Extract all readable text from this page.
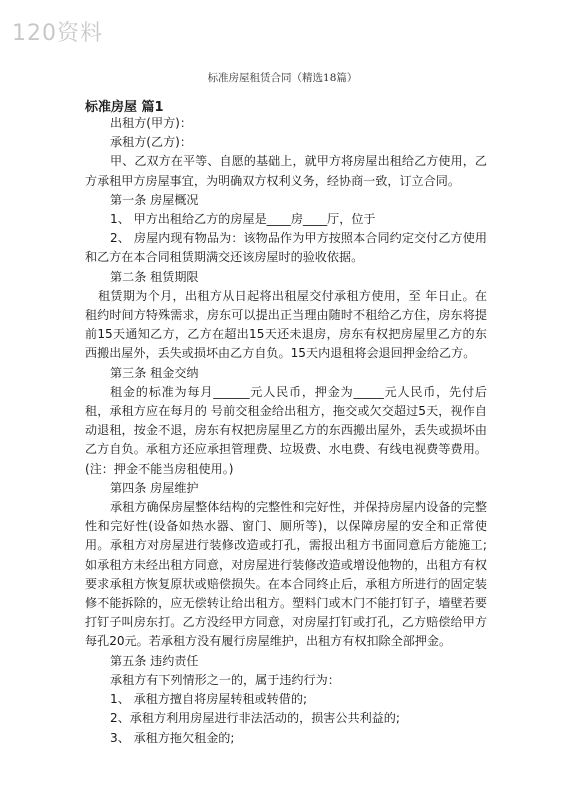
120资料
标准房屋租赁合同（精选18篇）
标准房屋 篇1

出租方(甲方)：

承租方(乙方)：

甲、乙双方在平等、自愿的基础上，就甲方将房屋出租给乙方使用，乙方承租甲方房屋事宜，为明确双方权利义务，经协商一致，订立合同。

第一条 房屋概况

1、 甲方出租给乙方的房屋是____房____厅，位于

2、 房屋内现有物品为：该物品作为甲方按照本合同约定交付乙方使用和乙方在本合同租赁期满交还该房屋时的验收依据。

第二条 租赁期限

租赁期为个月，出租方从日起将出租屋交付承租方使用，至 年日止。在租约时间方特殊需求，房东可以提出正当理由随时不租给乙方住，房东将提前15天通知乙方，乙方在超出15天还未退房，房东有权把房屋里乙方的东西搬出屋外，丢失或损坏由乙方自负。15天内退租将会退回押金给乙方。

第三条 租金交纳

租金的标准为每月______元人民币，押金为_____元人民币，先付后租，承租方应在每月的 号前交租金给出租方，拖交或欠交超过5天，视作自动退租，按金不退，房东有权把房屋里乙方的东西搬出屋外，丢失或损坏由乙方自负。承租方还应承担管理费、垃圾费、水电费、有线电视费等费用。(注：押金不能当房租使用。)

第四条 房屋维护

承租方确保房屋整体结构的完整性和完好性，并保持房屋内设备的完整性和完好性(设备如热水器、窗门、厕所等)，以保障房屋的安全和正常使用。承租方对房屋进行装修改造或打孔，需报出租方书面同意后方能施工;如承租方未经出租方同意，对房屋进行装修改造或增设他物的，出租方有权要求承租方恢复原状或赔偿损失。在本合同终止后，承租方所进行的固定装修不能拆除的，应无偿转让给出租方。塑料门或木门不能打钉子，墙壁若要打钉子叫房东打。乙方没经甲方同意，对房屋打钉或打孔，乙方赔偿给甲方每孔20元。若承租方没有履行房屋维护，出租方有权扣除全部押金。

第五条 违约责任

承租方有下列情形之一的，属于违约行为：

1、 承租方擅自将房屋转租或转借的;

2、承租方利用房屋进行非法活动的，损害公共利益的;

3、 承租方拖欠租金的;
